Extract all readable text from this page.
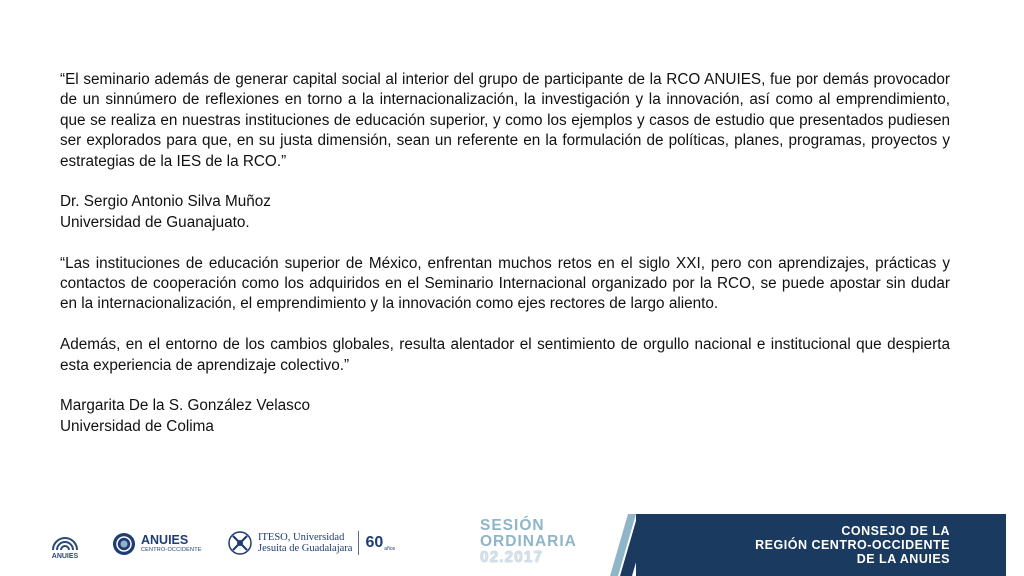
“El seminario además de generar capital social al interior del grupo de participante de la RCO ANUIES, fue por demás provocador de un sinnúmero de reflexiones en torno a la internacionalización, la investigación y la innovación, así como al emprendimiento, que se realiza en nuestras instituciones de educación superior, y como los ejemplos y casos de estudio que presentados pudiesen ser explorados para que, en su justa dimensión, sean un referente en la formulación de políticas, planes, programas, proyectos y estrategias de la IES de la RCO.”

Dr. Sergio Antonio Silva Muñoz

Universidad de Guanajuato.

“Las instituciones de educación superior de México, enfrentan muchos retos en el siglo XXI, pero con aprendizajes, prácticas y contactos de cooperación como los adquiridos en el Seminario Internacional organizado por la RCO, se puede apostar sin dudar en la internacionalización, el emprendimiento y la innovación como ejes rectores de largo aliento.

Además, en el entorno de los cambios globales, resulta alentador el sentimiento de orgullo nacional e institucional que despierta esta experiencia de aprendizaje colectivo.”

Margarita De la S. González Velasco

Universidad de Colima

ANUIES
ANUIES
CENTRO-OCCIDENTE
ITESO, Universidad
Jesuita de Guadalajara 60 años
SESIÓN
ORDINARIA
02.2017
CONSEJO DE LA
REGIÓN CENTRO-OCCIDENTE
DE LA ANUIES
